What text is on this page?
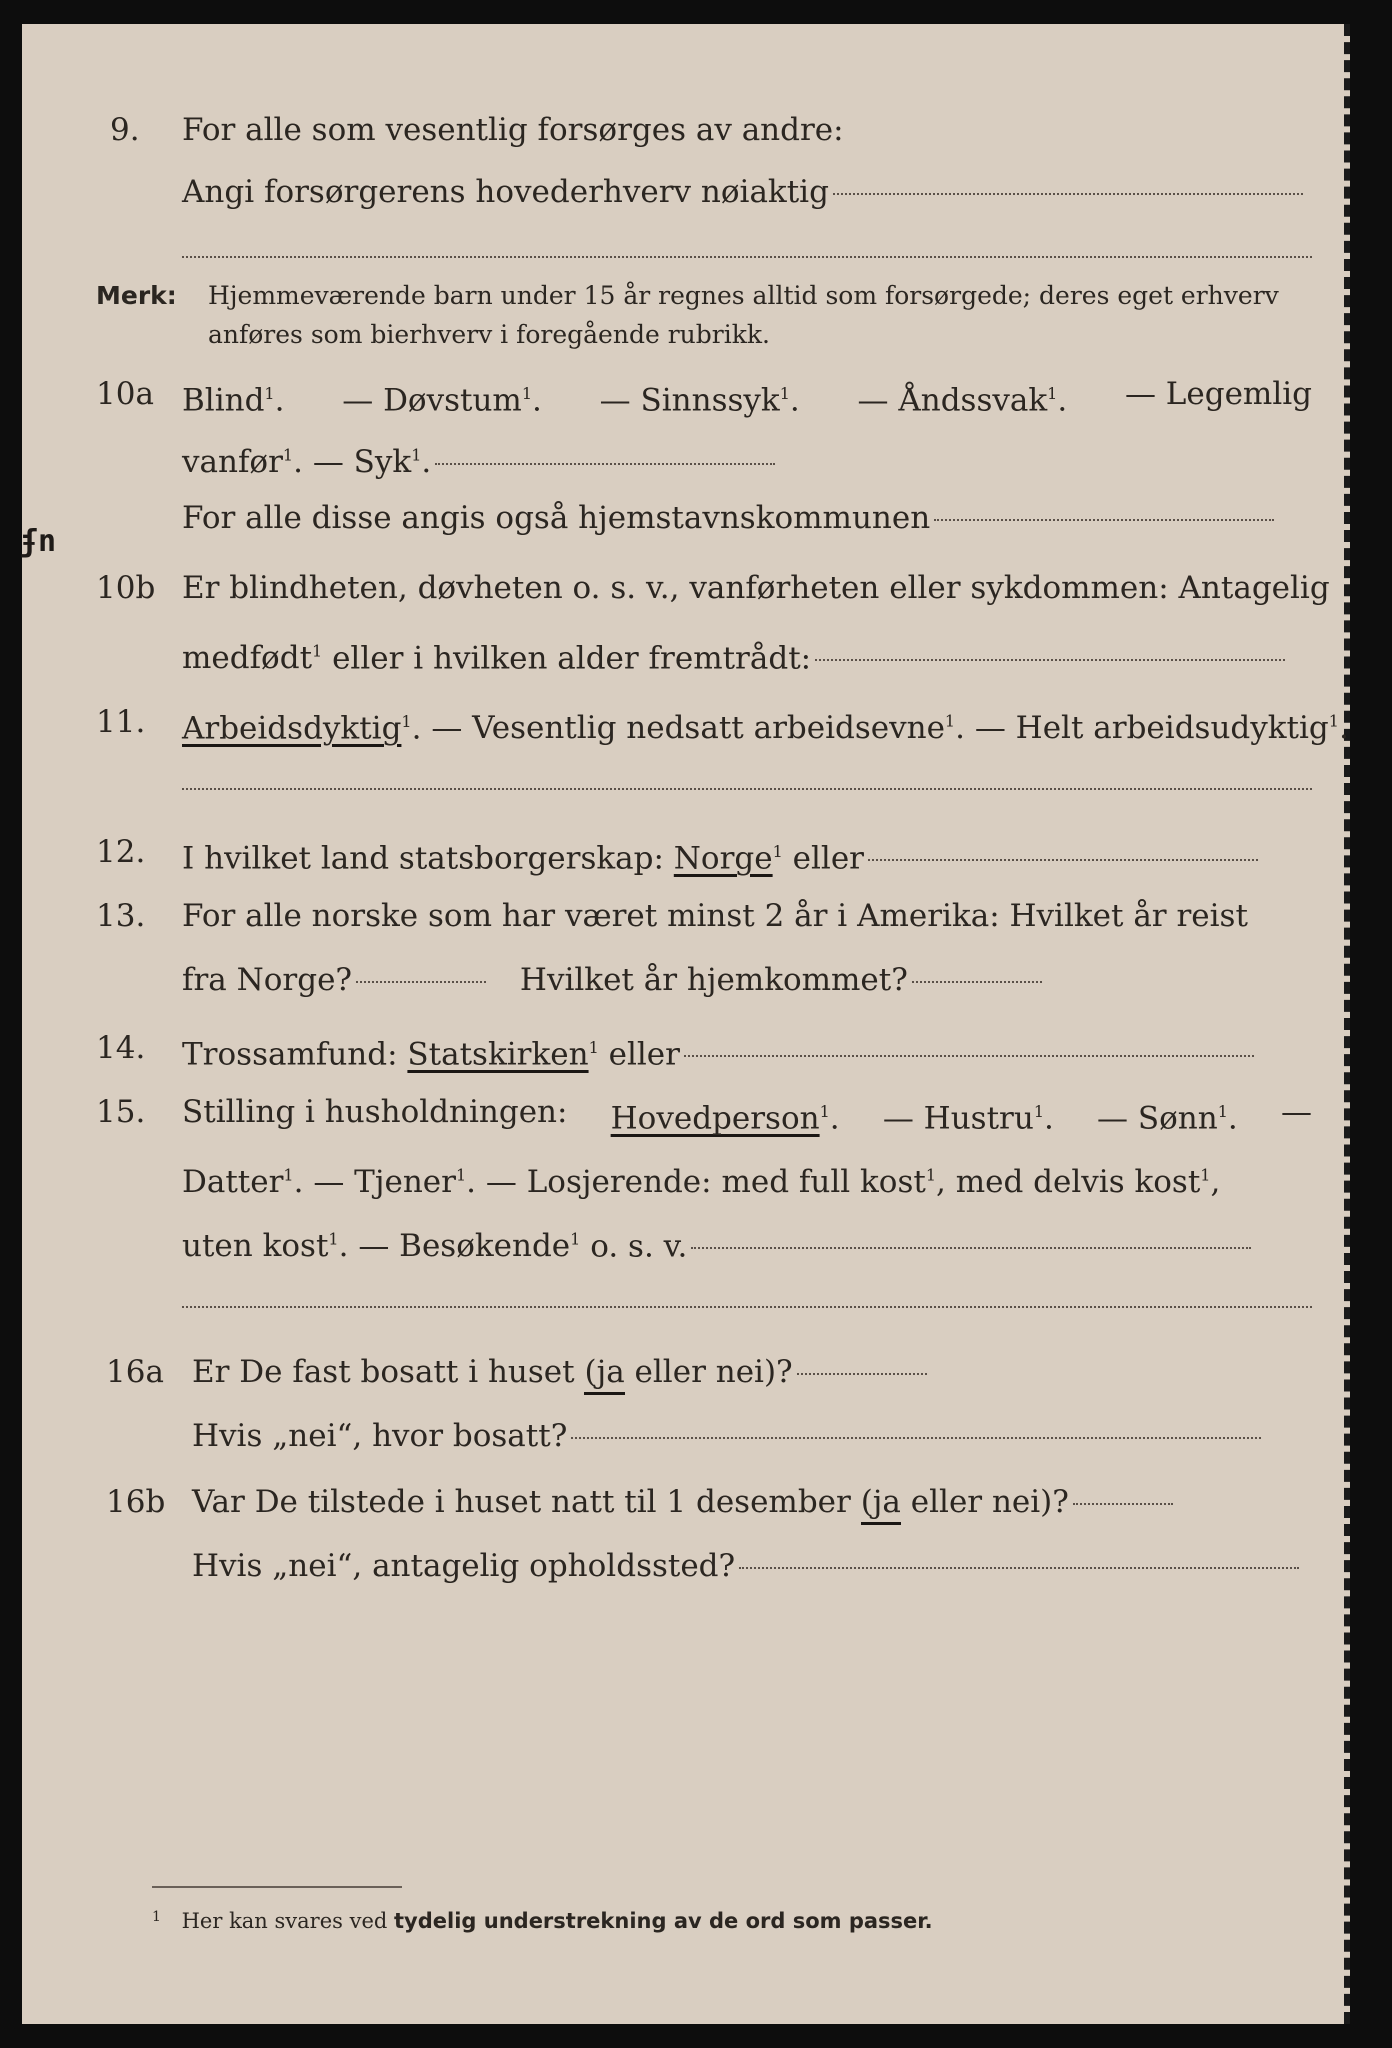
9. For alle som vesentlig forsørges av andre:
Angi forsørgerens hovederhverv nøiaktig
Merk: Hjemmeværende barn under 15 år regnes alltid som forsørgede; deres eget erhverv
anføres som bierhverv i foregående rubrikk.
10a Blind$^1$. — Døvstum$^1$. — Sinnssyk$^1$. — Åndssvak$^1$. — Legemlig
vanfør$^1$. — Syk$^1$.
For alle disse angis også hjemstavnskommunen
ʄn
10b Er blindheten, døvheten o. s. v., vanførheten eller sykdommen: Antagelig
medfødt$^1$ eller i hvilken alder fremtrådt:
11. Arbeidsdyktig$^1$. — Vesentlig nedsatt arbeidsevne$^1$. — Helt arbeidsudyktig$^1$.
12. I hvilket land statsborgerskap: Norge$^1$ eller
13. For alle norske som har været minst 2 år i Amerika: Hvilket år reist
fra Norge?	Hvilket år hjemkommet?
14. Trossamfund: Statskirken$^1$ eller
15. Stilling i husholdningen: Hovedperson$^1$. — Hustru$^1$. — Sønn$^1$. —
Datter$^1$. — Tjener$^1$. — Losjerende: med full kost$^1$, med delvis kost$^1$,
uten kost$^1$. — Besøkende$^1$ o. s. v.
16a Er De fast bosatt i huset (ja eller nei)?
Hvis „nei“, hvor bosatt?
16b Var De tilstede i huset natt til 1 desember (ja eller nei)?
Hvis „nei“, antagelig opholdssted?
$^1$ Her kan svares ved tydelig understrekning av de ord som passer.
